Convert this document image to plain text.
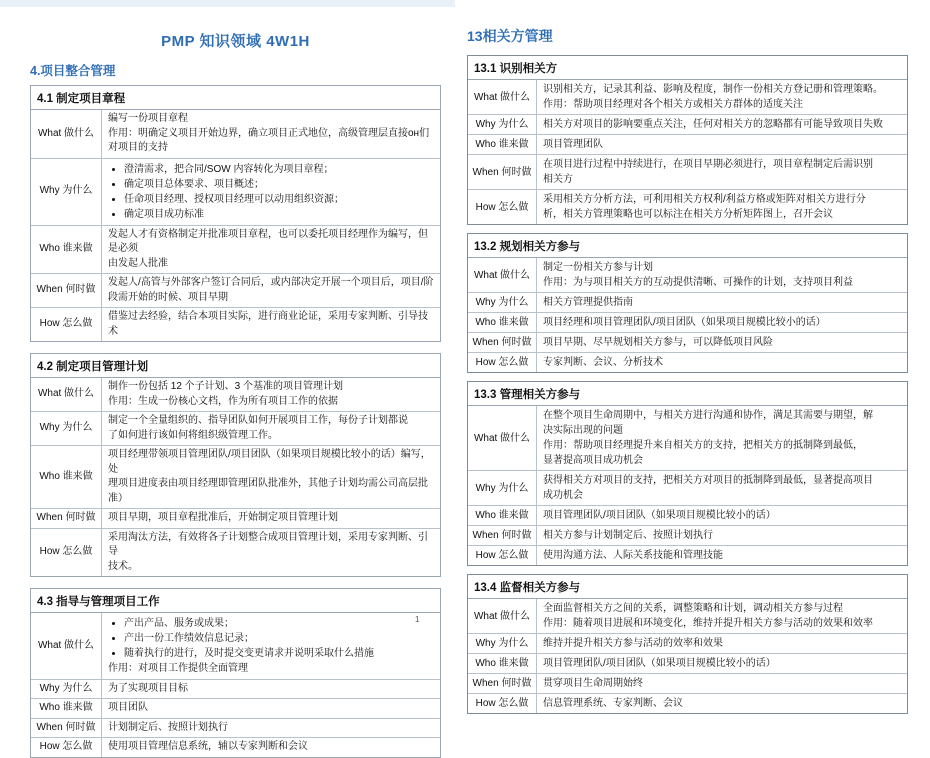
PMP 知识领域 4W1H
4.项目整合管理
4.1 制定项目章程
What 做什么	
编写一份项目章程
作用：明确定义项目开始边界，确立项目正式地位，高级管理层直接он们
对项目的支持

Why 为什么	
• 澄清需求，把合同/SOW 内容转化为项目章程；
• 确定项目总体要求、项目概述；
• 任命项目经理、授权项目经理可以动用组织资源；
• 确定项目成功标准

Who 谁来做	
发起人才有资格制定并批准项目章程，也可以委托项目经理作为编写，但是必须
由发起人批准

When 何时做	
发起人/高管与外部客户签订合同后，或内部决定开展一个项目后，项目/阶
段需开始的时候、项目早期

How 怎么做	
借鉴过去经验，结合本项目实际，进行商业论证，采用专家判断、引导技术
4.2 制定项目管理计划
What 做什么	
制作一份包括 12 个子计划、3 个基准的项目管理计划
作用：生成一份核心文档，作为所有项目工作的依据

Why 为什么	
制定一个全量组织的、指导团队如何开展项目工作，每份子计划都说
了如何进行该如何将组织级管理工作。

Who 谁来做	
项目经理带领项目管理团队/项目团队（如果项目规模比较小的话）编写，处
理项目进度表由项目经理即管理团队批准外，其他子计划均需公司高层批准）

When 何时做	项目早期，项目章程批准后，开始制定项目管理计划

How 怎么做	
采用淘汰方法，有效将各子计划整合成项目管理计划，采用专家判断、引导
技术。
4.3 指导与管理项目工作
What 做什么	
• 产出产品、服务或成果；
• 产出一份工作绩效信息记录；
• 随着执行的进行，及时提交变更请求并说明采取什么措施
作用：对项目工作提供全面管理

Why 为什么	为了实现项目目标

Who 谁来做	项目团队

When 何时做	计划制定后、按照计划执行

How 怎么做	使用项目管理信息系统，辅以专家判断和会议
1
13相关方管理
13.1 识别相关方
What 做什么	
识别相关方，记录其利益、影响及程度，制作一份相关方登记册和管理策略。
作用：帮助项目经理对各个相关方或相关方群体的适度关注

Why 为什么	相关方对项目的影响要重点关注，任何对相关方的忽略都有可能导致项目失败

Who 谁来做	项目管理团队

When 何时做	
在项目进行过程中持续进行，在项目早期必须进行，项目章程制定后需识别
相关方

How 怎么做	
采用相关方分析方法，可利用相关方权利/利益方格或矩阵对相关方进行分
析，相关方管理策略也可以标注在相关方分析矩阵图上，召开会议
13.2 规划相关方参与
What 做什么	
制定一份相关方参与计划
作用：为与项目相关方的互动提供清晰、可操作的计划，支持项目利益

Why 为什么	相关方管理提供指南

Who 谁来做	项目经理和项目管理团队/项目团队（如果项目规模比较小的话）

When 何时做	项目早期、尽早规划相关方参与，可以降低项目风险

How 怎么做	专家判断、会议、分析技术
13.3 管理相关方参与
What 做什么	
在整个项目生命周期中，与相关方进行沟通和协作，满足其需要与期望，解
决实际出现的问题
作用：帮助项目经理提升来自相关方的支持，把相关方的抵制降到最低，
显著提高项目成功机会

Why 为什么	
获得相关方对项目的支持，把相关方对项目的抵制降到最低，显著提高项目
成功机会

Who 谁来做	项目管理团队/项目团队（如果项目规模比较小的话）

When 何时做	相关方参与计划制定后、按照计划执行

How 怎么做	使用沟通方法、人际关系技能和管理技能
13.4 监督相关方参与
What 做什么	
全面监督相关方之间的关系，调整策略和计划，调动相关方参与过程
作用：随着项目进展和环境变化，维持并提升相关方参与活动的效果和效率

Why 为什么	维持并提升相关方参与活动的效率和效果

Who 谁来做	项目管理团队/项目团队（如果项目规模比较小的话）

When 何时做	贯穿项目生命周期始终

How 怎么做	信息管理系统、专家判断、会议
